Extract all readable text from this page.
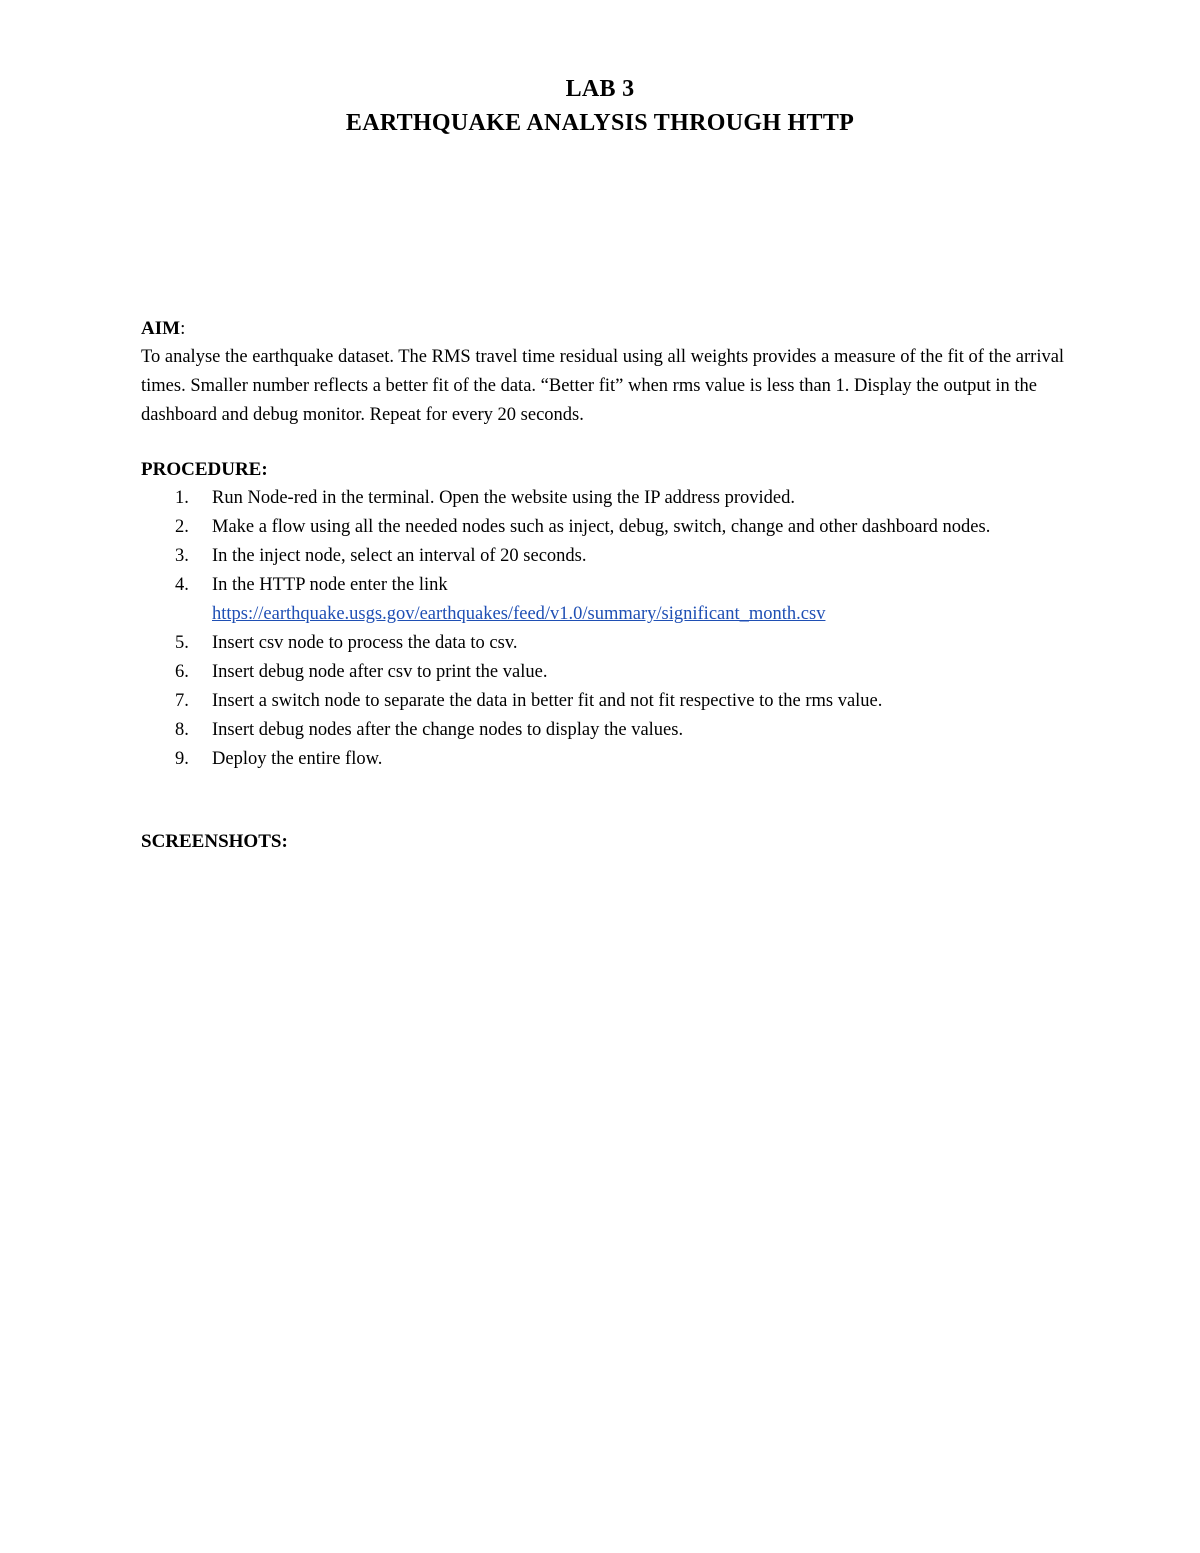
LAB 3
EARTHQUAKE ANALYSIS THROUGH HTTP
AIM:

To analyse the earthquake dataset. The RMS travel time residual using all weights provides a measure of the fit of the arrival times. Smaller number reflects a better fit of the data. “Better fit” when rms value is less than 1. Display the output in the dashboard and debug monitor. Repeat for every 20 seconds.

PROCEDURE:
1. Run Node-red in the terminal. Open the website using the IP address provided.
2. Make a flow using all the needed nodes such as inject, debug, switch, change and other dashboard nodes.
3. In the inject node, select an interval of 20 seconds.
4. In the HTTP node enter the link
https://earthquake.usgs.gov/earthquakes/feed/v1.0/summary/significant_month.csv
5. Insert csv node to process the data to csv.
6. Insert debug node after csv to print the value.
7. Insert a switch node to separate the data in better fit and not fit respective to the rms value.
8. Insert debug nodes after the change nodes to display the values.
9. Deploy the entire flow.
SCREENSHOTS:
